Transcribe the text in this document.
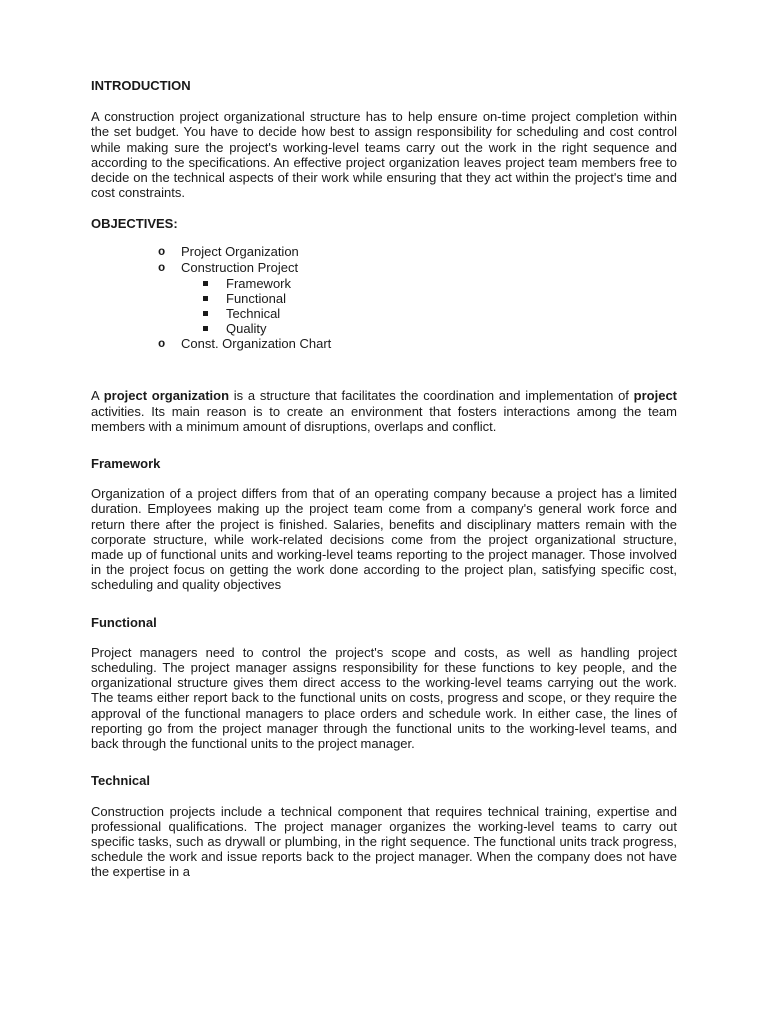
INTRODUCTION

A construction project organizational structure has to help ensure on-time project completion within the set budget. You have to decide how best to assign responsibility for scheduling and cost control while making sure the project's working-level teams carry out the work in the right sequence and according to the specifications. An effective project organization leaves project team members free to decide on the technical aspects of their work while ensuring that they act within the project's time and cost constraints.

OBJECTIVES:

o Project Organization
o Construction Project
Framework
Functional
Technical
Quality
o Const. Organization Chart

A project organization is a structure that facilitates the coordination and implementation of project activities. Its main reason is to create an environment that fosters interactions among the team members with a minimum amount of disruptions, overlaps and conflict.

Framework

Organization of a project differs from that of an operating company because a project has a limited duration. Employees making up the project team come from a company's general work force and return there after the project is finished. Salaries, benefits and disciplinary matters remain with the corporate structure, while work-related decisions come from the project organizational structure, made up of functional units and working-level teams reporting to the project manager. Those involved in the project focus on getting the work done according to the project plan, satisfying specific cost, scheduling and quality objectives

Functional

Project managers need to control the project's scope and costs, as well as handling project scheduling. The project manager assigns responsibility for these functions to key people, and the organizational structure gives them direct access to the working-level teams carrying out the work. The teams either report back to the functional units on costs, progress and scope, or they require the approval of the functional managers to place orders and schedule work. In either case, the lines of reporting go from the project manager through the functional units to the working-level teams, and back through the functional units to the project manager.

Technical

Construction projects include a technical component that requires technical training, expertise and professional qualifications. The project manager organizes the working-level teams to carry out specific tasks, such as drywall or plumbing, in the right sequence. The functional units track progress, schedule the work and issue reports back to the project manager. When the company does not have the expertise in a
